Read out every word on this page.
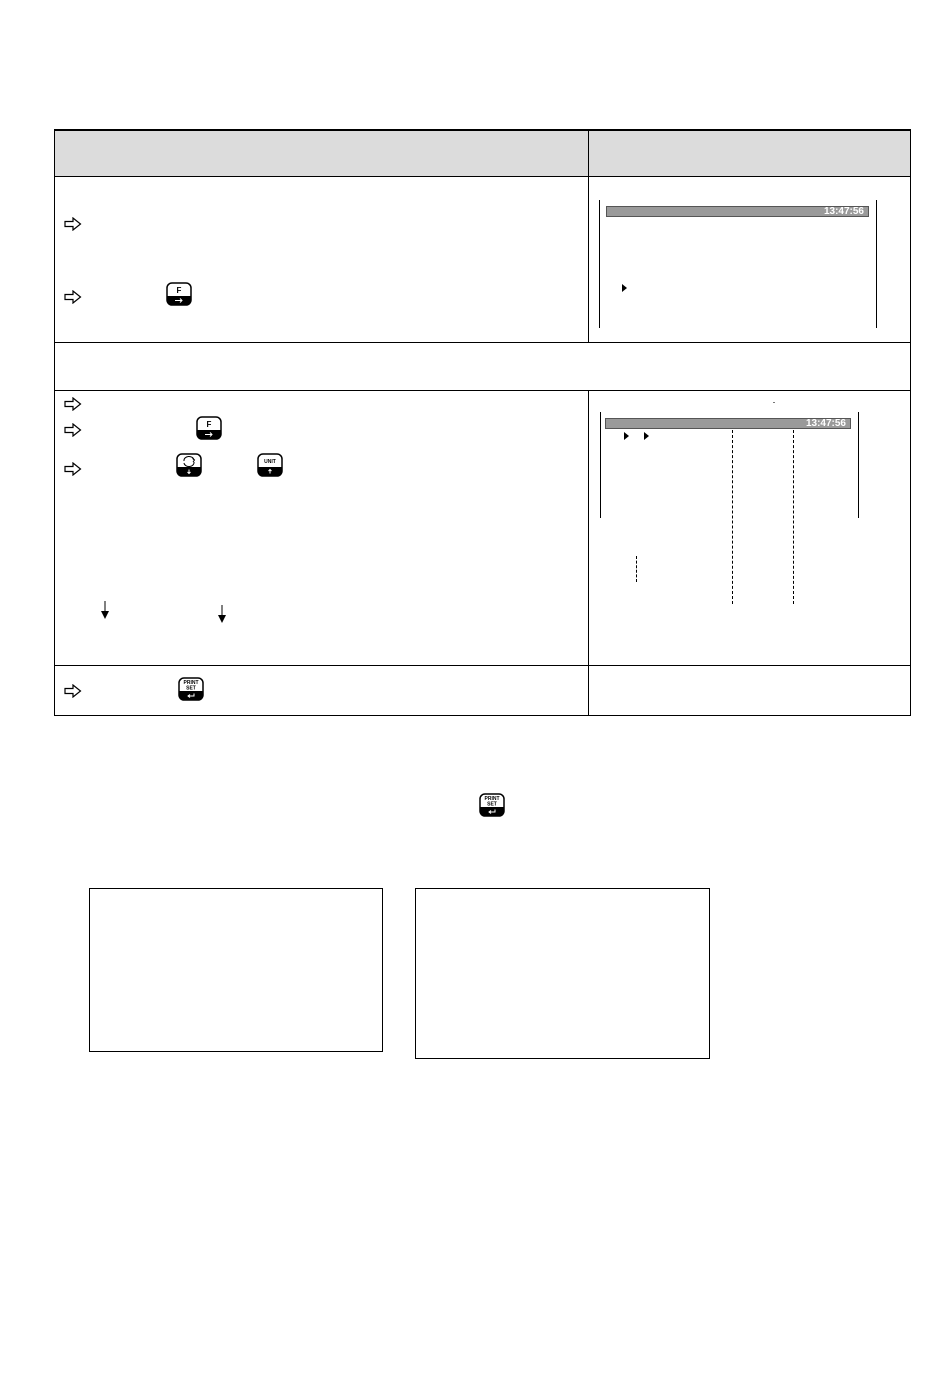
F
13:47:56
F
UNIT
13:47:56
PRINT
SET
PRINT
SET
